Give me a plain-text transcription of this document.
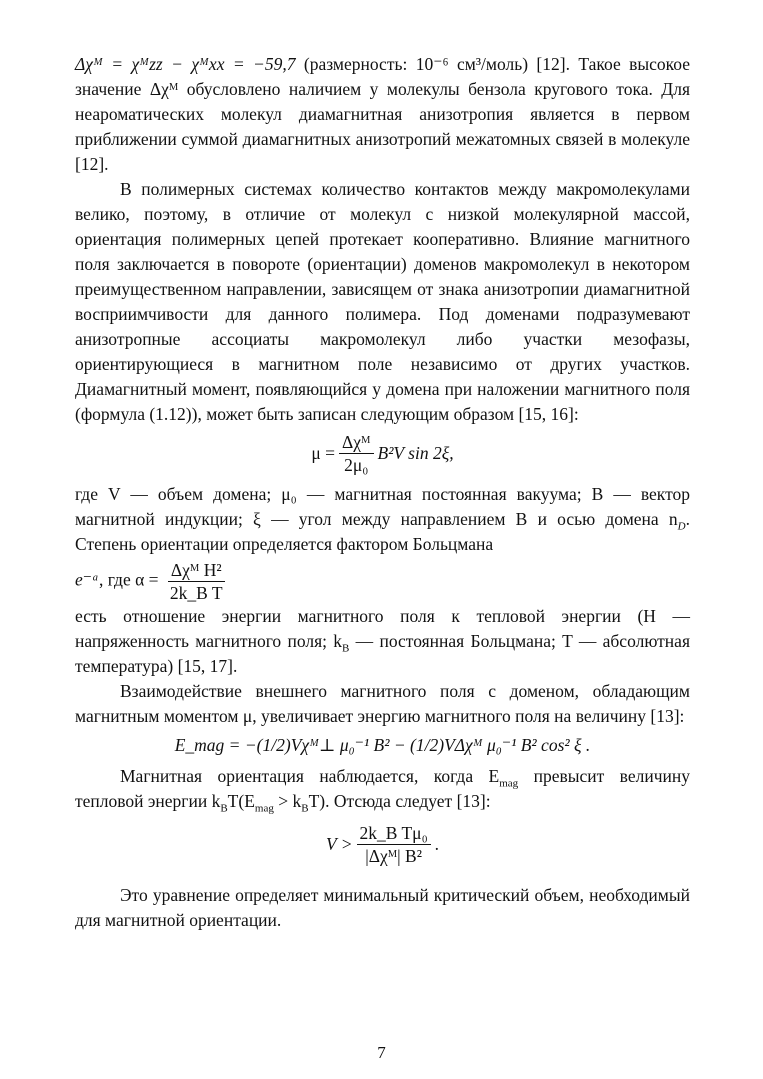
Δχᴹ = χᴹzz − χᴹxx = −59,7 (размерность: 10⁻⁶ см³/моль) [12]. Такое высокое значение Δχᴹ обусловлено наличием у молекулы бензола кругового тока. Для неароматических молекул диамагнитная анизотропия является в первом приближении суммой диамагнитных анизотропий межатомных связей в молекуле [12].

В полимерных системах количество контактов между макромолекулами велико, поэтому, в отличие от молекул с низкой молекулярной массой, ориентация полимерных цепей протекает кооперативно. Влияние магнитного поля заключается в повороте (ориентации) доменов макромолекул в некотором преимущественном направлении, зависящем от знака анизотропии диамагнитной восприимчивости для данного полимера. Под доменами подразумевают анизотропные ассоциаты макромолекул либо участки мезофазы, ориентирующиеся в магнитном поле независимо от других участков. Диамагнитный момент, появляющийся у домена при наложении магнитного поля (формула (1.12)), может быть записан следующим образом [15, 16]:

$\mu = \frac{\text{Δχᴹ}}{\text{2μ₀}} B^2V$ sin 2ξ,

где V — объем домена; μ₀ — магнитная постоянная вакуума; B — вектор магнитной индукции; ξ — угол между направлением B и осью домена $n_D$. Степень ориентации определяется фактором Больцмана

e⁻ᵃ, где $\alpha = \frac{\text{Δχᴹ H²}}{\text{2k\_B T}}$

есть отношение энергии магнитного поля к тепловой энергии (H — напряженность магнитного поля; $k_B$ — постоянная Больцмана; T — абсолютная температура) [15, 17].

Взаимодействие внешнего магнитного поля с доменом, обладающим магнитным моментом μ, увеличивает энергию магнитного поля на величину [13]:

E_mag = −(1/2)Vχᴹ⊥ μ₀⁻¹ B² − (1/2)VΔχᴹ μ₀⁻¹ B² cos² ξ .

Магнитная ориентация наблюдается, когда $E_{mag}$ превысит величину тепловой энергии $k_BT(E_{mag} > k_BT)$. Отсюда следует [13]:

$V > \frac{\text{2k\_B Tμ₀}}{\text{|Δχᴹ| B²}}$ .

Это уравнение определяет минимальный критический объем, необходимый для магнитной ориентации.

7
